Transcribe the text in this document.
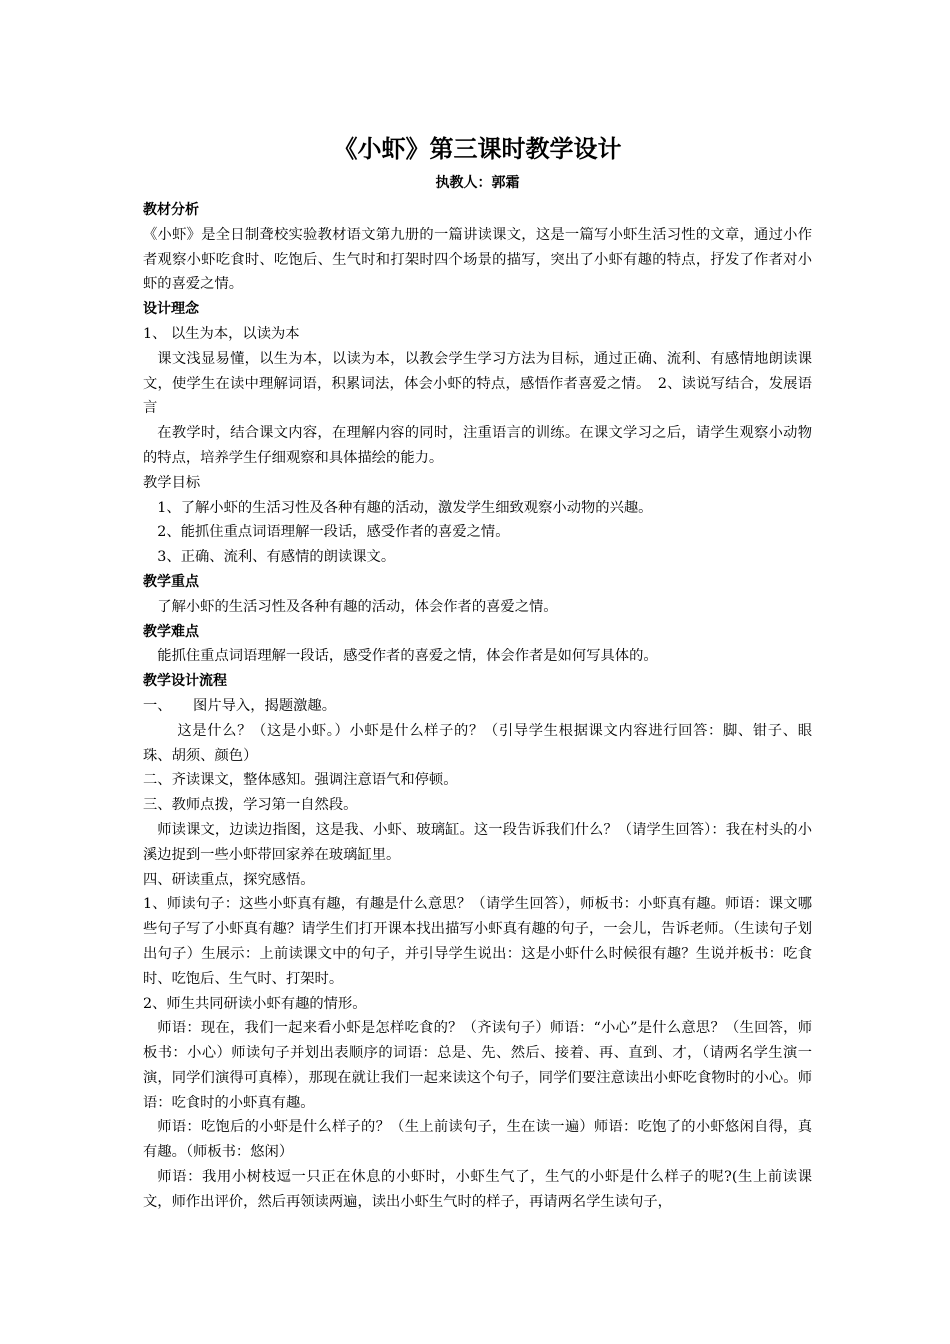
《小虾》第三课时教学设计
执教人：郭霜

教材分析

《小虾》是全日制聋校实验教材语文第九册的一篇讲读课文，这是一篇写小虾生活习性的文章，通过小作者观察小虾吃食时、吃饱后、生气时和打架时四个场景的描写，突出了小虾有趣的特点，抒发了作者对小虾的喜爱之情。

设计理念

1、 以生为本，以读为本

课文浅显易懂，以生为本，以读为本，以教会学生学习方法为目标，通过正确、流利、有感情地朗读课文，使学生在读中理解词语，积累词法，体会小虾的特点，感悟作者喜爱之情。　2、读说写结合，发展语言

在教学时，结合课文内容，在理解内容的同时，注重语言的训练。在课文学习之后，请学生观察小动物的特点，培养学生仔细观察和具体描绘的能力。

教学目标

1、了解小虾的生活习性及各种有趣的活动，激发学生细致观察小动物的兴趣。

2、能抓住重点词语理解一段话，感受作者的喜爱之情。

3、正确、流利、有感情的朗读课文。

教学重点

了解小虾的生活习性及各种有趣的活动，体会作者的喜爱之情。

教学难点

能抓住重点词语理解一段话，感受作者的喜爱之情，体会作者是如何写具体的。

教学设计流程

一、　　图片导入，揭题激趣。

这是什么？（这是小虾。）小虾是什么样子的？（引导学生根据课文内容进行回答：脚、钳子、眼珠、胡须、颜色）

二、齐读课文，整体感知。强调注意语气和停顿。

三、教师点拨，学习第一自然段。

师读课文，边读边指图，这是我、小虾、玻璃缸。这一段告诉我们什么？（请学生回答）：我在村头的小溪边捉到一些小虾带回家养在玻璃缸里。

四、研读重点，探究感悟。

1、师读句子：这些小虾真有趣，有趣是什么意思？（请学生回答），师板书：小虾真有趣。师语：课文哪些句子写了小虾真有趣？请学生们打开课本找出描写小虾真有趣的句子，一会儿，告诉老师。（生读句子划出句子）生展示：上前读课文中的句子，并引导学生说出：这是小虾什么时候很有趣？生说并板书：吃食时、吃饱后、生气时、打架时。

2、师生共同研读小虾有趣的情形。

师语：现在，我们一起来看小虾是怎样吃食的？（齐读句子）师语：“小心”是什么意思？（生回答，师板书：小心）师读句子并划出表顺序的词语：总是、先、然后、接着、再、直到、才，（请两名学生演一演，同学们演得可真棒），那现在就让我们一起来读这个句子，同学们要注意读出小虾吃食物时的小心。师语：吃食时的小虾真有趣。

师语：吃饱后的小虾是什么样子的？（生上前读句子，生在读一遍）师语：吃饱了的小虾悠闲自得，真有趣。（师板书：悠闲）

师语：我用小树枝逗一只正在休息的小虾时，小虾生气了，生气的小虾是什么样子的呢?(生上前读课文，师作出评价，然后再领读两遍，读出小虾生气时的样子，再请两名学生读句子，
